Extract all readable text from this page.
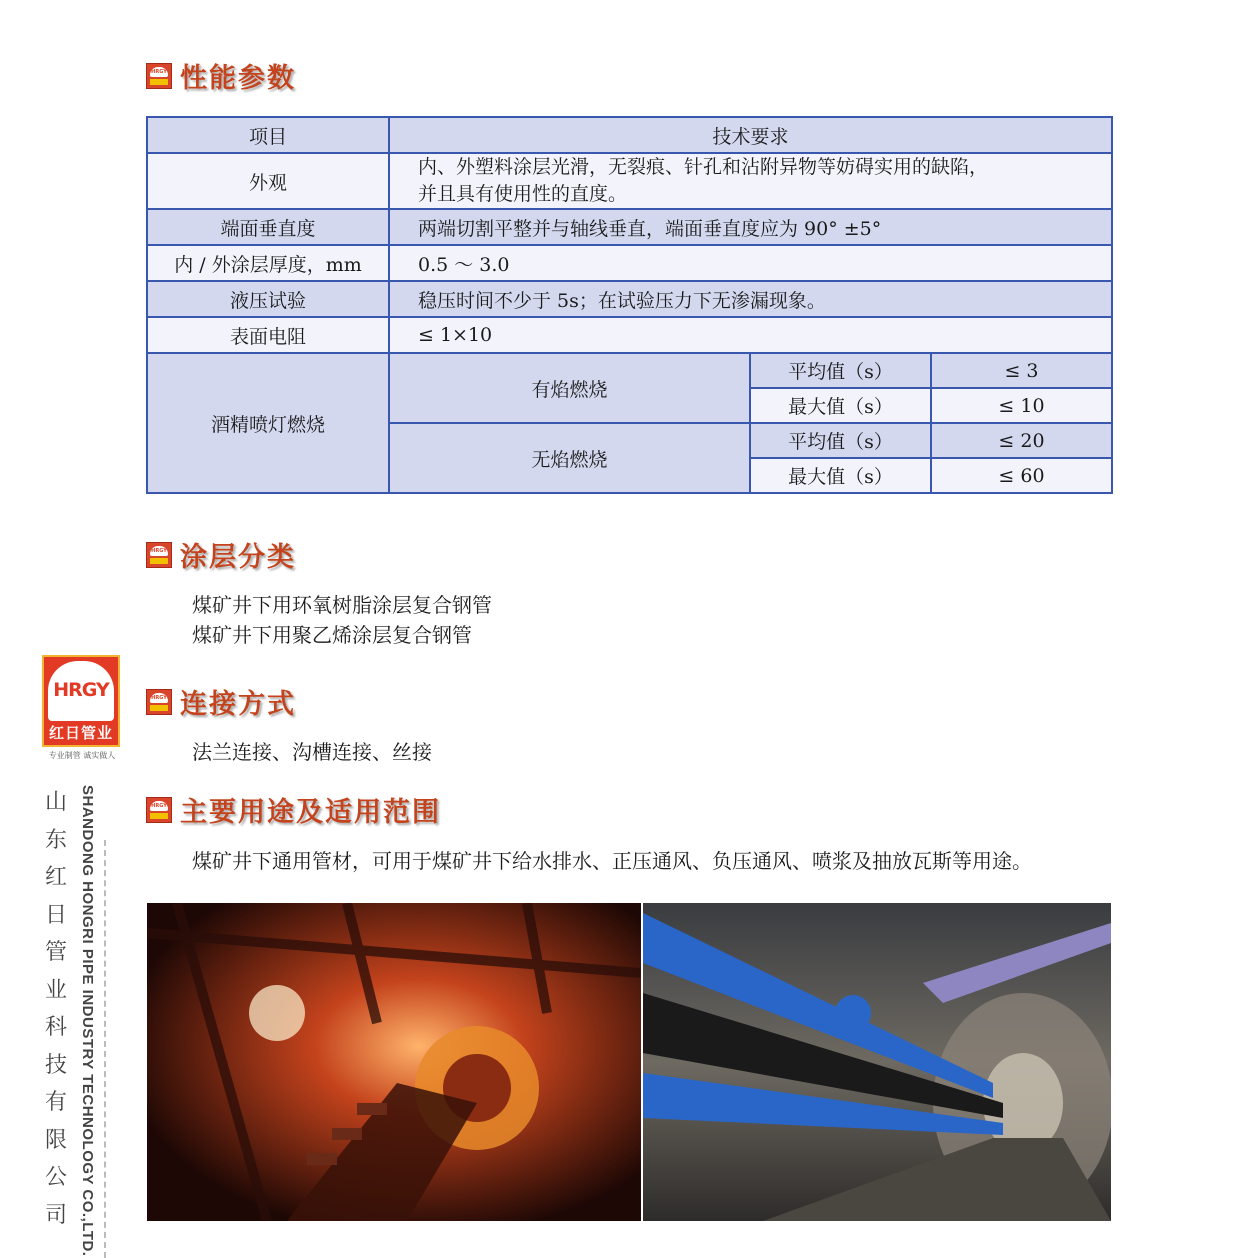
HRGY 性能参数
项目	技术要求		
外观	内、外塑料涂层光滑，无裂痕、针孔和沾附异物等妨碍实用的缺陷，
并且具有使用性的直度。		

端面垂直度	两端切割平整并与轴线垂直，端面垂直度应为 90° ±5°		
内 / 外涂层厚度，mm	0.5 ～ 3.0		
液压试验	稳压时间不少于 5s；在试验压力下无渗漏现象。		
表面电阻	≤ 1×10		
酒精喷灯燃烧	有焰燃烧	平均值（s）	≤ 3
		最大值（s）	≤ 10
	无焰燃烧	平均值（s）	≤ 20
		最大值（s）	≤ 60
HRGY 涂层分类
煤矿井下用环氧树脂涂层复合钢管
煤矿井下用聚乙烯涂层复合钢管
HRGY 连接方式
法兰连接、沟槽连接、丝接
HRGY 主要用途及适用范围
煤矿井下通用管材，可用于煤矿井下给水排水、正压通风、负压通风、喷浆及抽放瓦斯等用途。
HRGY
红日管业
专业制管 诚实做人
山
东
红
日
管
业
科
技
有
限
公
司 SHANDONG HONGRI PIPE INDUSTRY TECHNOLOGY CO.,LTD.
